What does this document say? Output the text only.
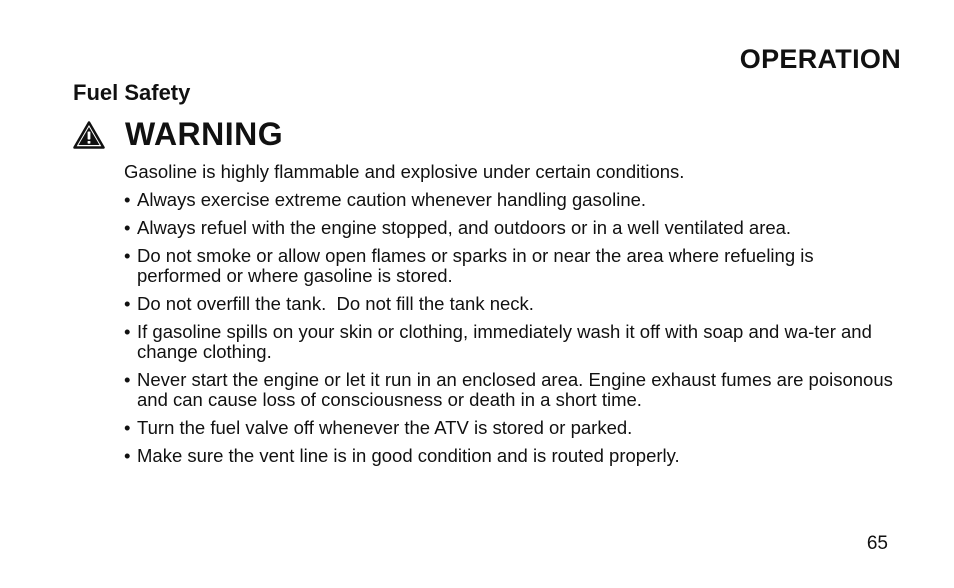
OPERATION
Fuel Safety
WARNING

Gasoline is highly flammable and explosive under certain conditions.

• Always exercise extreme caution whenever handling gasoline.
• Always refuel with the engine stopped, and outdoors or in a well ventilated area.
• Do not smoke or allow open flames or sparks in or near the area where refueling is performed or where gasoline is stored.
• Do not overfill the tank.  Do not fill the tank neck.
• If gasoline spills on your skin or clothing, immediately wash it off with soap and wa-ter and change clothing.
• Never start the engine or let it run in an enclosed area. Engine exhaust fumes are poisonous and can cause loss of consciousness or death in a short time.
• Turn the fuel valve off whenever the ATV is stored or parked.
• Make sure the vent line is in good condition and is routed properly.

65
